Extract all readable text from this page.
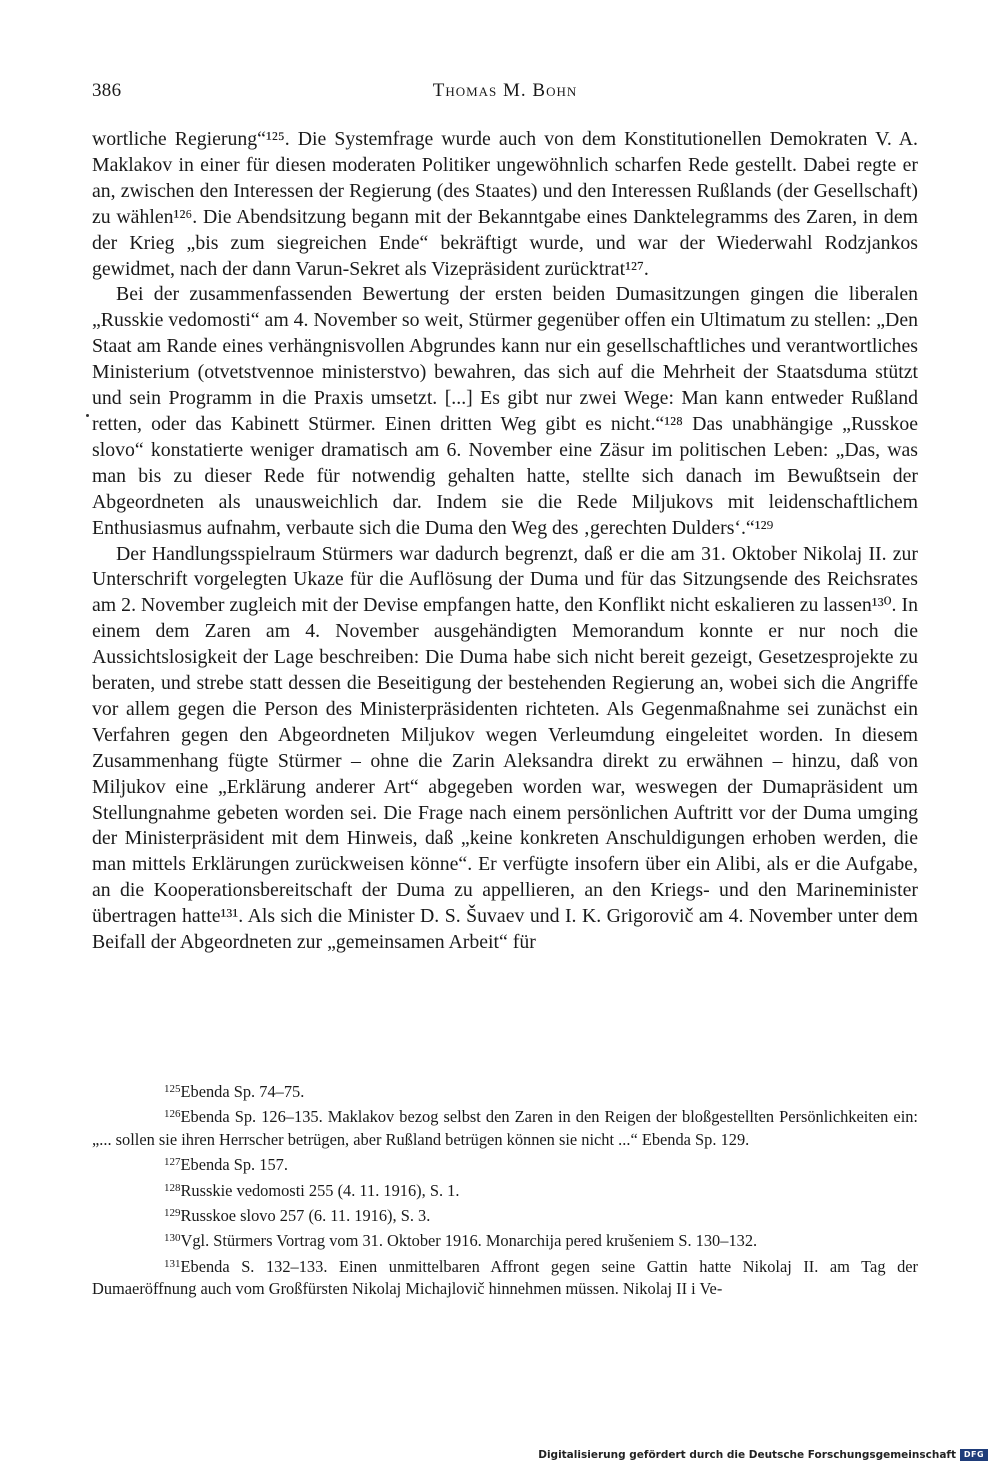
386	Thomas M. Bohn

wortliche Regierung“¹²⁵. Die Systemfrage wurde auch von dem Konstitutionellen Demokraten V. A. Maklakov in einer für diesen moderaten Politiker ungewöhnlich scharfen Rede gestellt. Dabei regte er an, zwischen den Interessen der Regierung (des Staates) und den Interessen Rußlands (der Gesellschaft) zu wählen¹²⁶. Die Abendsitzung begann mit der Bekanntgabe eines Danktelegramms des Zaren, in dem der Krieg „bis zum siegreichen Ende“ bekräftigt wurde, und war der Wiederwahl Rodzjankos gewidmet, nach der dann Varun-Sekret als Vizepräsident zurücktrat¹²⁷.

Bei der zusammenfassenden Bewertung der ersten beiden Dumasitzungen gingen die liberalen „Russkie vedomosti“ am 4. November so weit, Stürmer gegenüber offen ein Ultimatum zu stellen: „Den Staat am Rande eines verhängnisvollen Abgrundes kann nur ein gesellschaftliches und verantwortliches Ministerium (otvetstvennoe ministerstvo) bewahren, das sich auf die Mehrheit der Staatsduma stützt und sein Programm in die Praxis umsetzt. [...] Es gibt nur zwei Wege: Man kann entweder Rußland retten, oder das Kabinett Stürmer. Einen dritten Weg gibt es nicht.“¹²⁸ Das unabhängige „Russkoe slovo“ konstatierte weniger dramatisch am 6. November eine Zäsur im politischen Leben: „Das, was man bis zu dieser Rede für notwendig gehalten hatte, stellte sich danach im Bewußtsein der Abgeordneten als unausweichlich dar. Indem sie die Rede Miljukovs mit leidenschaftlichem Enthusiasmus aufnahm, verbaute sich die Duma den Weg des ‚gerechten Dulders‘.“¹²⁹

Der Handlungsspielraum Stürmers war dadurch begrenzt, daß er die am 31. Oktober Nikolaj II. zur Unterschrift vorgelegten Ukaze für die Auflösung der Duma und für das Sitzungsende des Reichsrates am 2. November zugleich mit der Devise empfangen hatte, den Konflikt nicht eskalieren zu lassen¹³⁰. In einem dem Zaren am 4. November ausgehändigten Memorandum konnte er nur noch die Aussichtslosigkeit der Lage beschreiben: Die Duma habe sich nicht bereit gezeigt, Gesetzesprojekte zu beraten, und strebe statt dessen die Beseitigung der bestehenden Regierung an, wobei sich die Angriffe vor allem gegen die Person des Ministerpräsidenten richteten. Als Gegenmaßnahme sei zunächst ein Verfahren gegen den Abgeordneten Miljukov wegen Verleumdung eingeleitet worden. In diesem Zusammenhang fügte Stürmer – ohne die Zarin Aleksandra direkt zu erwähnen – hinzu, daß von Miljukov eine „Erklärung anderer Art“ abgegeben worden war, weswegen der Dumapräsident um Stellungnahme gebeten worden sei. Die Frage nach einem persönlichen Auftritt vor der Duma umging der Ministerpräsident mit dem Hinweis, daß „keine konkreten Anschuldigungen erhoben werden, die man mittels Erklärungen zurückweisen könne“. Er verfügte insofern über ein Alibi, als er die Aufgabe, an die Kooperationsbereitschaft der Duma zu appellieren, an den Kriegs- und den Marineminister übertragen hatte¹³¹. Als sich die Minister D. S. Šuvaev und I. K. Grigorovič am 4. November unter dem Beifall der Abgeordneten zur „gemeinsamen Arbeit“ für

125Ebenda Sp. 74–75.

126Ebenda Sp. 126–135. Maklakov bezog selbst den Zaren in den Reigen der bloßgestellten Persönlichkeiten ein: „... sollen sie ihren Herrscher betrügen, aber Rußland betrügen können sie nicht ...“ Ebenda Sp. 129.

127Ebenda Sp. 157.

128Russkie vedomosti 255 (4. 11. 1916), S. 1.

129Russkoe slovo 257 (6. 11. 1916), S. 3.

130Vgl. Stürmers Vortrag vom 31. Oktober 1916. Monarchija pered krušeniem S. 130–132.

131Ebenda S. 132–133. Einen unmittelbaren Affront gegen seine Gattin hatte Nikolaj II. am Tag der Dumaeröffnung auch vom Großfürsten Nikolaj Michajlovič hinnehmen müssen. Nikolaj II i Ve-

Digitalisierung gefördert durch die Deutsche Forschungsgemeinschaft DFG
